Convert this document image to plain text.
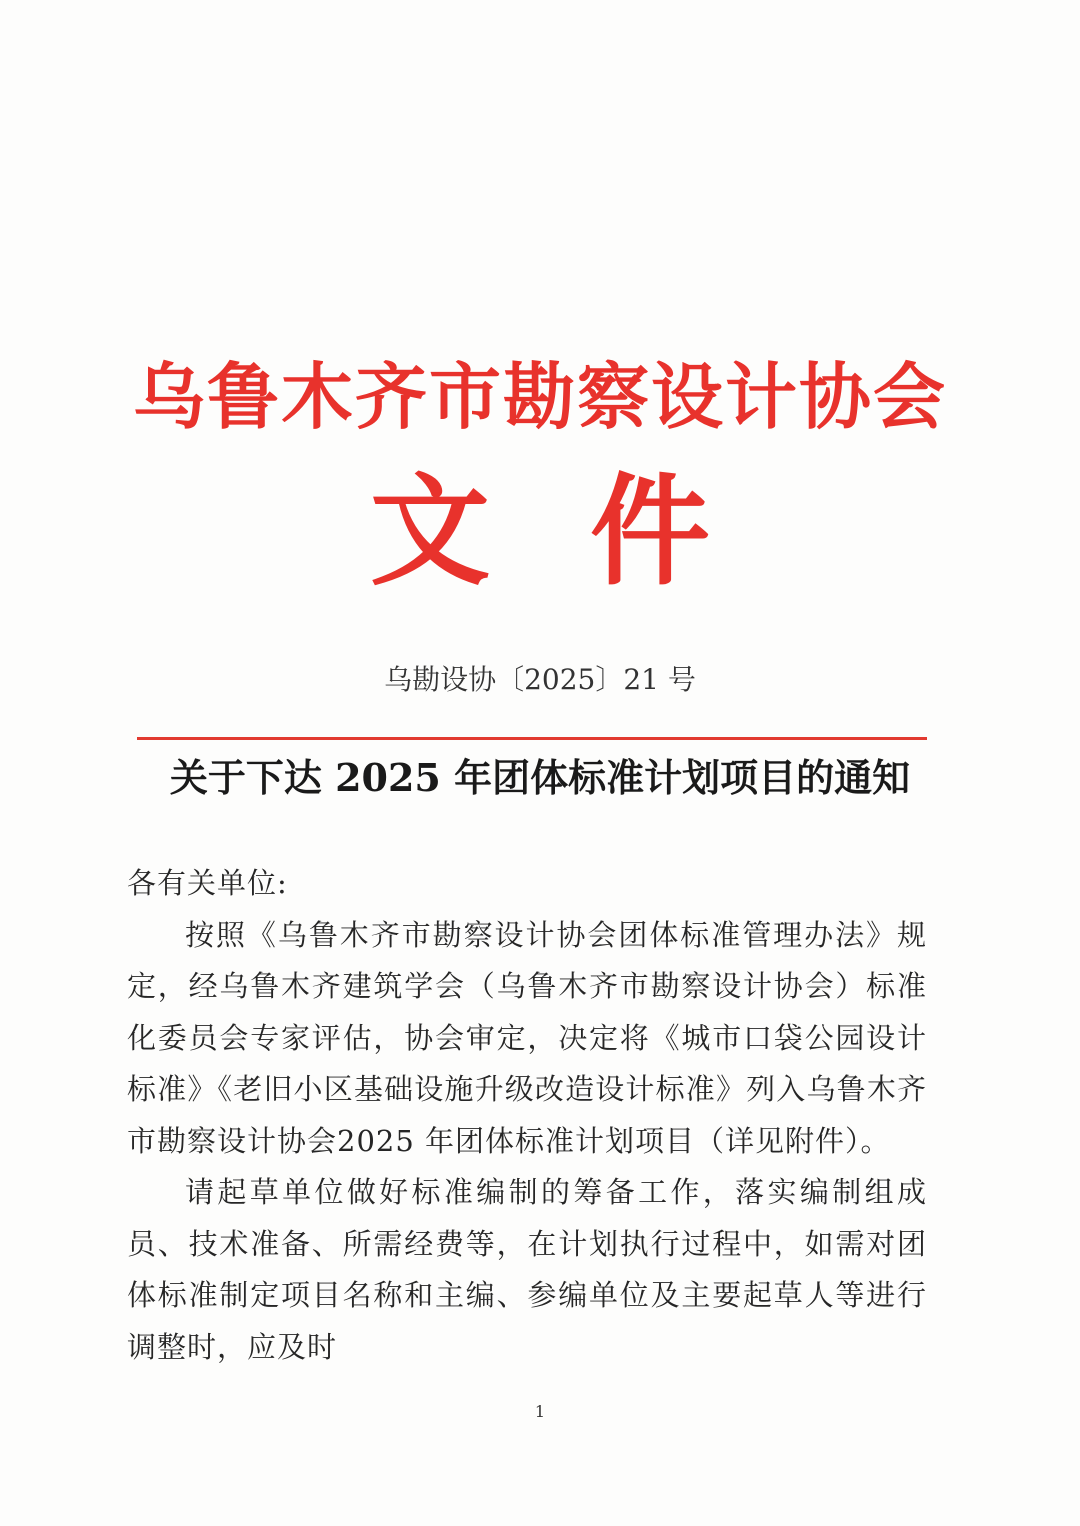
乌鲁木齐市勘察设计协会
文件
乌勘设协〔2025〕21 号
关于下达 2025 年团体标准计划项目的通知

各有关单位:

按照《乌鲁木齐市勘察设计协会团体标准管理办法》规定，经乌鲁木齐建筑学会（乌鲁木齐市勘察设计协会）标准化委员会专家评估，协会审定，决定将《城市口袋公园设计标准》《老旧小区基础设施升级改造设计标准》列入乌鲁木齐市勘察设计协会2025 年团体标准计划项目（详见附件）。

请起草单位做好标准编制的筹备工作，落实编制组成员、技术准备、所需经费等，在计划执行过程中，如需对团体标准制定项目名称和主编、参编单位及主要起草人等进行调整时，应及时

1
